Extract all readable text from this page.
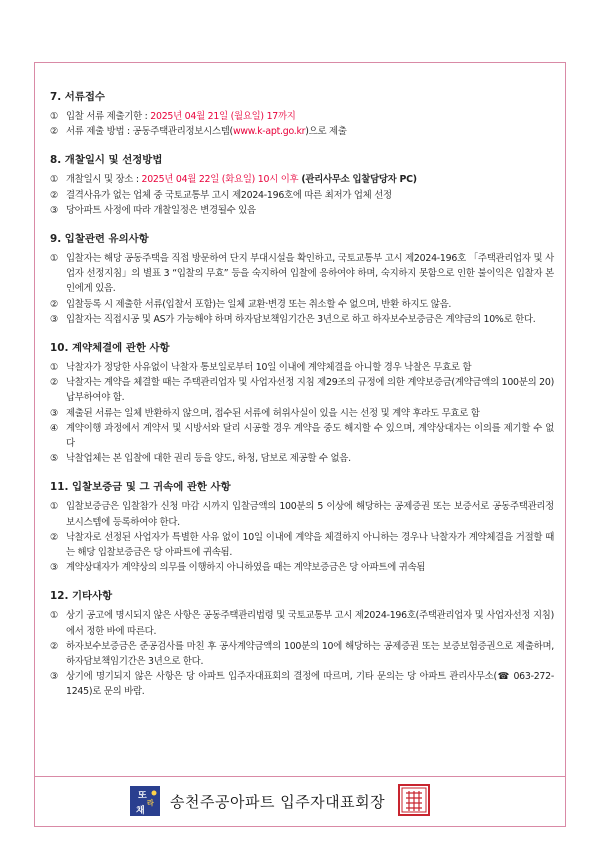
7. 서류접수
① 입찰 서류 제출기한 : 2025년 04월 21일 (월요일) 17까지
② 서류 제출 방법 : 공동주택관리정보시스템(www.k-apt.go.kr)으로 제출
8. 개찰일시 및 선정방법
① 개찰일시 및 장소 : 2025년 04월 22일 (화요일) 10시 이후 (관리사무소 입찰담당자 PC)
② 결격사유가 없는 업체 중 국토교통부 고시 제2024-196호에 따른 최저가 업체 선정
③ 당아파트 사정에 따라 개찰일정은 변경될수 있음
9. 입찰관련 유의사항
① 입찰자는 해당 공동주택을 직접 방문하여 단지 부대시설을 확인하고, 국토교통부 고시 제2024-196호 「주택관리업자 및 사업자 선정지침」의 별표 3 “입찰의 무효” 등을 숙지하여 입찰에 응하여야 하며, 숙지하지 못함으로 인한 불이익은 입찰자 본인에게 있음.
② 입찰등록 시 제출한 서류(입찰서 포함)는 일체 교환·변경 또는 취소할 수 없으며, 반환 하지도 않음.
③ 입찰자는 직접시공 및 AS가 가능해야 하며 하자담보책임기간은 3년으로 하고 하자보수보증금은 계약금의 10%로 한다.
10. 계약체결에 관한 사항
① 낙찰자가 정당한 사유없이 낙찰자 통보일로부터 10일 이내에 계약체결을 아니할 경우 낙찰은 무효로 함
② 낙찰자는 계약을 체결할 때는 주택관리업자 및 사업자선정 지침 제29조의 규정에 의한 계약보증금(계약금액의 100분의 20) 납부하여야 함.
③ 제출된 서류는 일체 반환하지 않으며, 접수된 서류에 허위사실이 있을 시는 선정 및 계약 후라도 무효로 함
④ 계약이행 과정에서 계약서 및 시방서와 달리 시공할 경우 계약을 중도 해지할 수 있으며, 계약상대자는 이의를 제기할 수 없다
⑤ 낙찰업체는 본 입찰에 대한 권리 등을 양도, 하청, 담보로 제공할 수 없음.
11. 입찰보증금 및 그 귀속에 관한 사항
① 입찰보증금은 입찰참가 신청 마감 시까지 입찰금액의 100분의 5 이상에 해당하는 공제증권 또는 보증서로 공동주택관리정보시스템에 등록하여야 한다.
② 낙찰자로 선정된 사업자가 특별한 사유 없이 10일 이내에 계약을 체결하지 아니하는 경우나 낙찰자가 계약체결을 거절할 때는 해당 입찰보증금은 당 아파트에 귀속됨.
③ 계약상대자가 계약상의 의무를 이행하지 아니하였을 때는 계약보증금은 당 아파트에 귀속됨
12. 기타사항
① 상기 공고에 명시되지 않은 사항은 공동주택관리법령 및 국토교통부 고시 제2024-196호(주택관리업자 및 사업자선정 지침)에서 정한 바에 따른다.
② 하자보수보증금은 준공검사를 마친 후 공사계약금액의 100분의 10에 해당하는 공제증권 또는 보증보험증권으로 제출하며, 하자담보책임기간은 3년으로 한다.
③ 상기에 명기되지 않은 사항은 당 아파트 입주자대표회의 결정에 따르며, 기타 문의는 당 아파트 관리사무소(☎ 063-272-1245)로 문의 바람.
또
라
채 송천주공아파트 입주자대표회장
